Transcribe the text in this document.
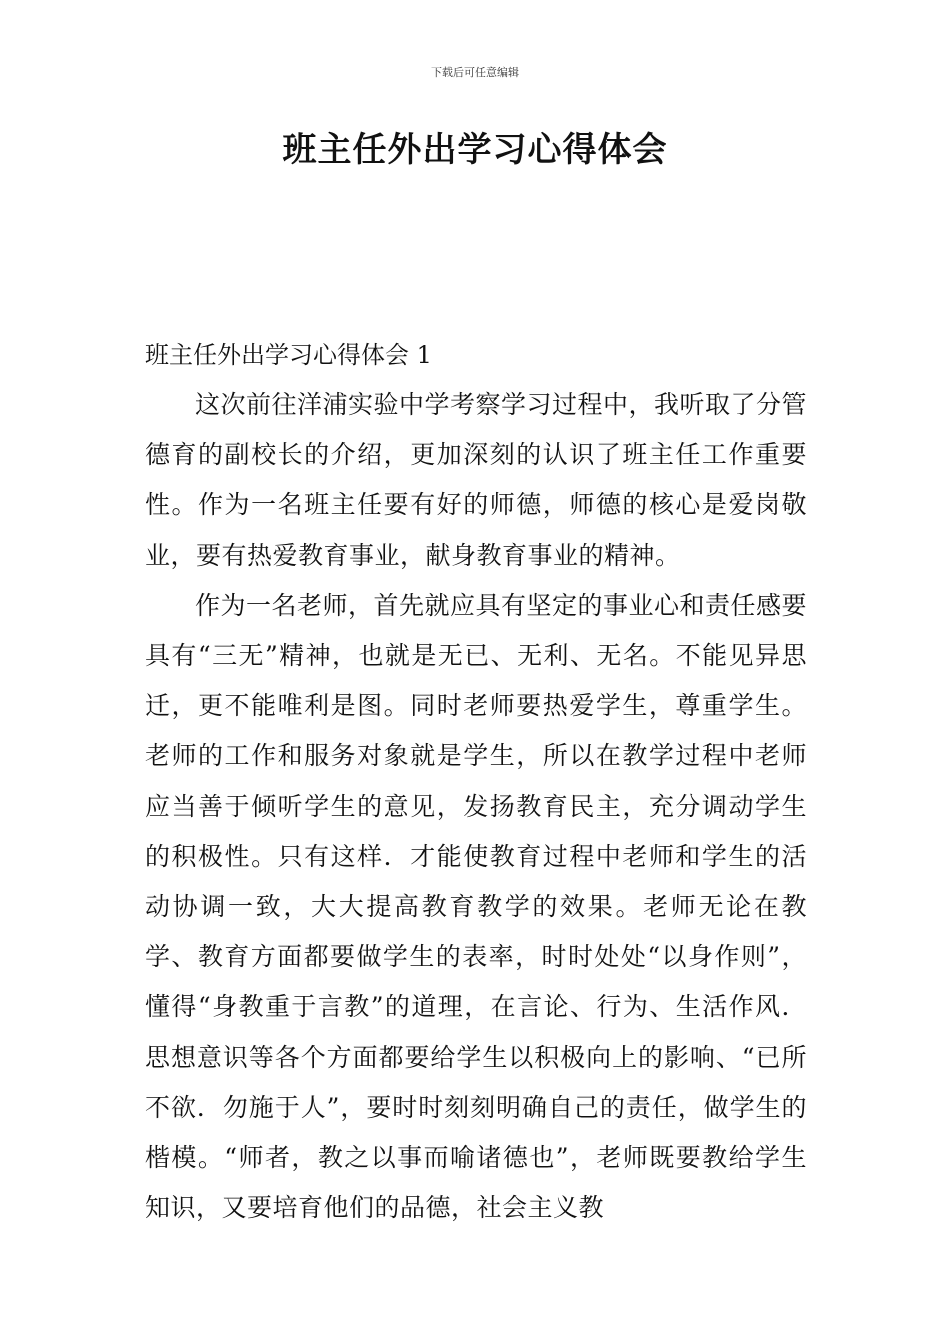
下载后可任意编辑
班主任外出学习心得体会

班主任外出学习心得体会 1

这次前往洋浦实验中学考察学习过程中，我听取了分管德育的副校长的介绍，更加深刻的认识了班主任工作重要性。作为一名班主任要有好的师德，师德的核心是爱岗敬业，要有热爱教育事业，献身教育事业的精神。

作为一名老师，首先就应具有坚定的事业心和责任感要具有“三无”精神，也就是无已、无利、无名。不能见异思迁，更不能唯利是图。同时老师要热爱学生，尊重学生。老师的工作和服务对象就是学生，所以在教学过程中老师应当善于倾听学生的意见，发扬教育民主，充分调动学生的积极性。只有这样．才能使教育过程中老师和学生的活动协调一致，大大提高教育教学的效果。老师无论在教学、教育方面都要做学生的表率，时时处处“以身作则”，懂得“身教重于言教”的道理，在言论、行为、生活作风．思想意识等各个方面都要给学生以积极向上的影响、“已所不欲．勿施于人”，要时时刻刻明确自己的责任，做学生的楷模。“师者，教之以事而喻诸德也”，老师既要教给学生知识，又要培育他们的品德，社会主义教
